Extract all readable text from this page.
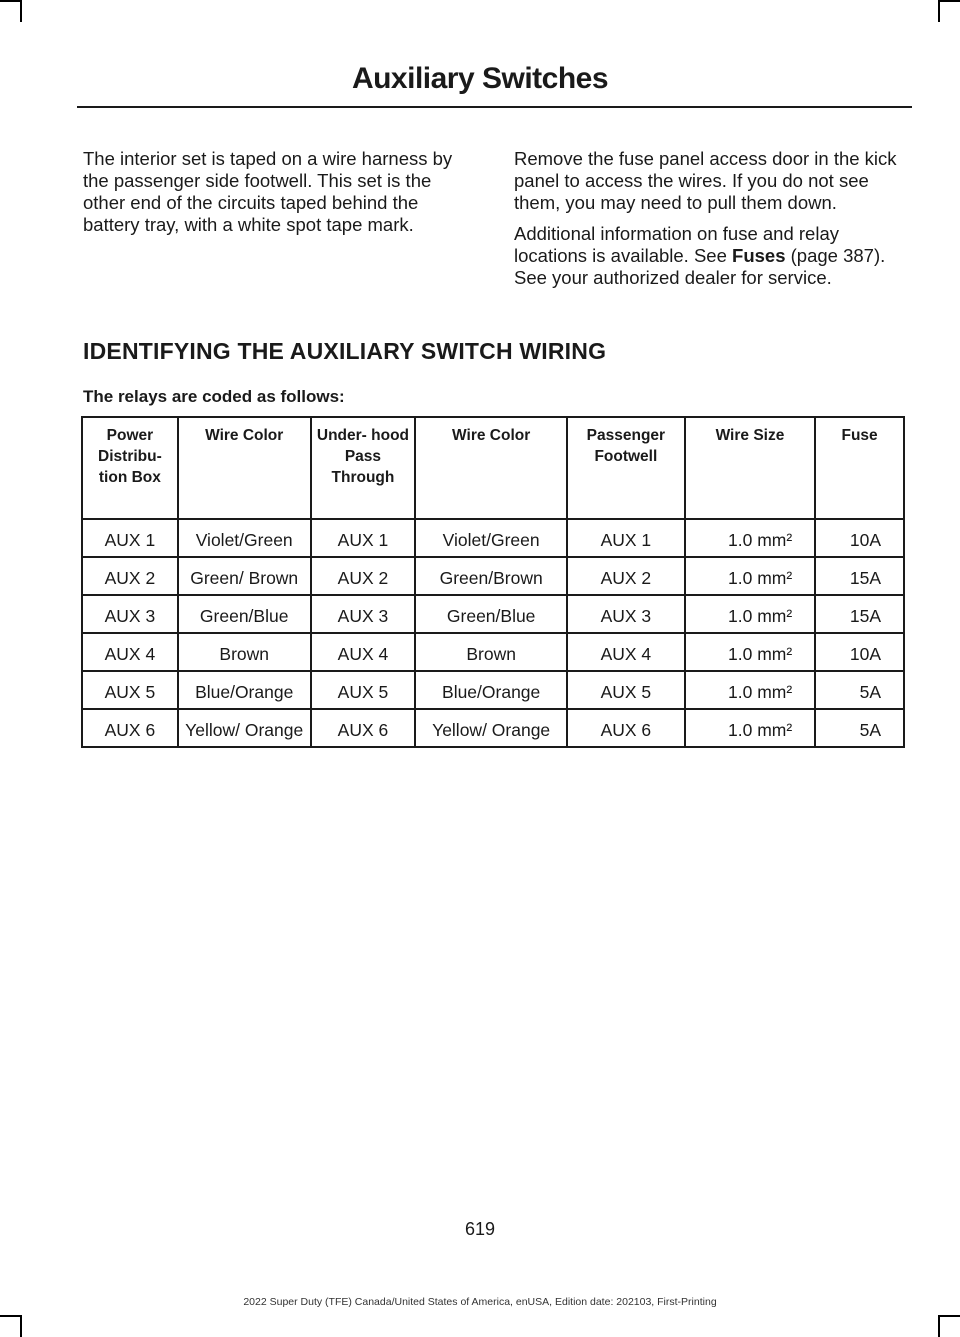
Auxiliary Switches

The interior set is taped on a wire harness by the passenger side footwell. This set is the other end of the circuits taped behind the battery tray, with a white spot tape mark.

Remove the fuse panel access door in the kick panel to access the wires. If you do not see them, you may need to pull them down.

Additional information on fuse and relay locations is available. See Fuses (page 387). See your authorized dealer for service.

IDENTIFYING THE AUXILIARY SWITCH WIRING
The relays are coded as follows:
Power Distribu- tion Box	Wire Color	Under- hood Pass Through	Wire Color	Passenger Footwell	Wire Size	Fuse
AUX 1	Violet/Green	AUX 1	Violet/Green	AUX 1	1.0 mm²	10A
AUX 2	Green/ Brown	AUX 2	Green/Brown	AUX 2	1.0 mm²	15A
AUX 3	Green/Blue	AUX 3	Green/Blue	AUX 3	1.0 mm²	15A
AUX 4	Brown	AUX 4	Brown	AUX 4	1.0 mm²	10A
AUX 5	Blue/Orange	AUX 5	Blue/Orange	AUX 5	1.0 mm²	5A
AUX 6	Yellow/ Orange	AUX 6	Yellow/ Orange	AUX 6	1.0 mm²	5A
619
2022 Super Duty (TFE) Canada/United States of America, enUSA, Edition date: 202103, First-Printing
